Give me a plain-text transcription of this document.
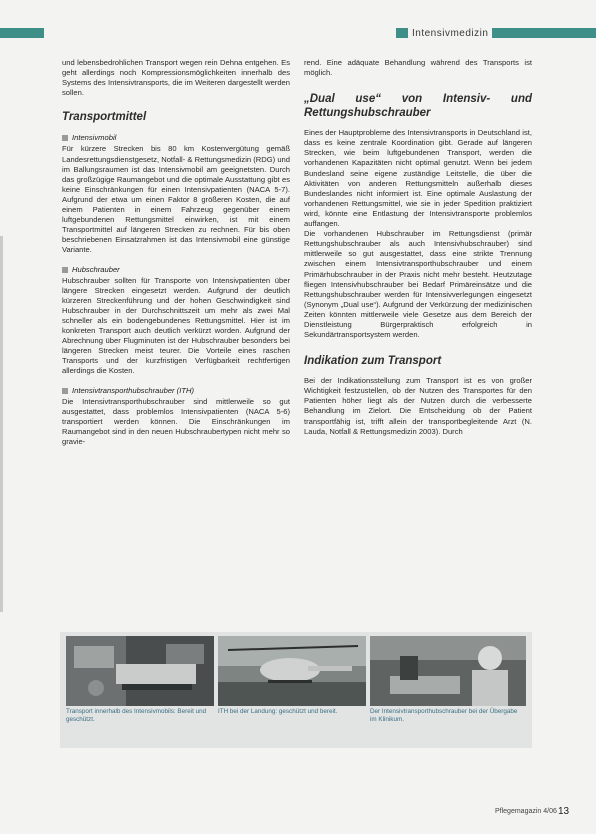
Intensivmedizin

und lebensbedrohlichen Transport wegen rein Dehna entgehen. Es geht allerdings noch Kompressionsmöglichkeiten innerhalb des Systems des Intensivtransports, die im Weiteren dargestellt werden sollen.

Transportmittel
Intensivmobil

Für kürzere Strecken bis 80 km Kostenvergütung gemäß Landesrettungsdienstgesetz, Notfall- & Rettungsmedizin (RDG) und im Ballungsraumen ist das Intensivmobil am geeignetsten. Durch das großzügige Raumangebot und die optimale Ausstattung gibt es keine Einschränkungen für einen Intensivpatienten (NACA 5-7). Aufgrund der etwa um einen Faktor 8 größeren Kosten, die auf einem Patienten in einem Fahrzeug gegenüber einem luftgebundenen Rettungsmittel einwirken, ist mit einem Transportmittel auf längeren Strecken zu rechnen. Für bis oben beschriebenen Einsatzrahmen ist das Intensivmobil eine günstige Variante.

Hubschrauber

Hubschrauber sollten für Transporte von Intensivpatienten über längere Strecken eingesetzt werden. Aufgrund der deutlich kürzeren Streckenführung und der hohen Geschwindigkeit sind Hubschrauber in der Durchschnittszeit um mehr als zwei Mal schneller als ein bodengebundenes Rettungsmittel. Hier ist im konkreten Transport auch deutlich verkürzt worden. Aufgrund der Abrechnung über Flugminuten ist der Hubschrauber besonders bei längeren Strecken meist teurer. Die Vorteile eines raschen Transports und der kurzfristigen Verfügbarkeit rechtfertigen allerdings die Kosten.

Intensivtransporthubschrauber (ITH)

Die Intensivtransporthubschrauber sind mittlerweile so gut ausgestattet, dass problemlos Intensivpatienten (NACA 5-6) transportiert werden können. Die Einschränkungen im Raumangebot sind in den neuen Hubschraubertypen nicht mehr so gravie-

rend. Eine adäquate Behandlung während des Transports ist möglich.

„Dual use“ von Intensiv- und Rettungshubschrauber

Eines der Hauptprobleme des Intensivtransports in Deutschland ist, dass es keine zentrale Koordination gibt. Gerade auf längeren Strecken, wie beim luftgebundenen Transport, werden die vorhandenen Kapazitäten nicht optimal genutzt. Wenn bei jedem Bundesland seine eigene zuständige Leitstelle, die über die Aktivitäten von anderen Rettungsmitteln außerhalb dieses Bundeslandes nicht informiert ist. Eine optimale Auslastung der vorhandenen Rettungsmittel, wie sie in jeder Spedition praktiziert wird, könnte eine Entlastung der Intensivtransporte problemlos auffangen.

Die vorhandenen Hubschrauber im Rettungsdienst (primär Rettungshubschrauber als auch Intensivhubschrauber) sind mittlerweile so gut ausgestattet, dass eine strikte Trennung zwischen einem Intensivtransporthubschrauber und einem Primärhubschrauber in der Praxis nicht mehr besteht. Heutzutage fliegen Intensivhubschrauber bei Bedarf Primäreinsätze und die Rettungshubschrauber werden für Intensivverlegungen eingesetzt (Synonym „Dual use“). Aufgrund der Verkürzung der medizinischen Zeiten könnten mittlerweile viele Gesetze aus dem Bereich der Dienstleistung Bürgerpraktisch erfolgreich in Sekundärtransportsystem werden.

Indikation zum Transport

Bei der Indikationsstellung zum Transport ist es von großer Wichtigkeit festzustellen, ob der Nutzen des Transportes für den Patienten höher liegt als der Nutzen durch die verbesserte Behandlung im Zielort. Die Entscheidung ob der Patient transportfähig ist, trifft allein der transportbegleitende Arzt (N. Lauda, Notfall & Rettungsmedizin 2003). Durch

Transport innerhalb des Intensivmobils: Bereit und geschützt.
ITH bei der Landung: geschützt und bereit.	Der Intensivtransporthubschrauber bei der Übergabe im Klinikum.
Pflegemagazin 4/06 13
